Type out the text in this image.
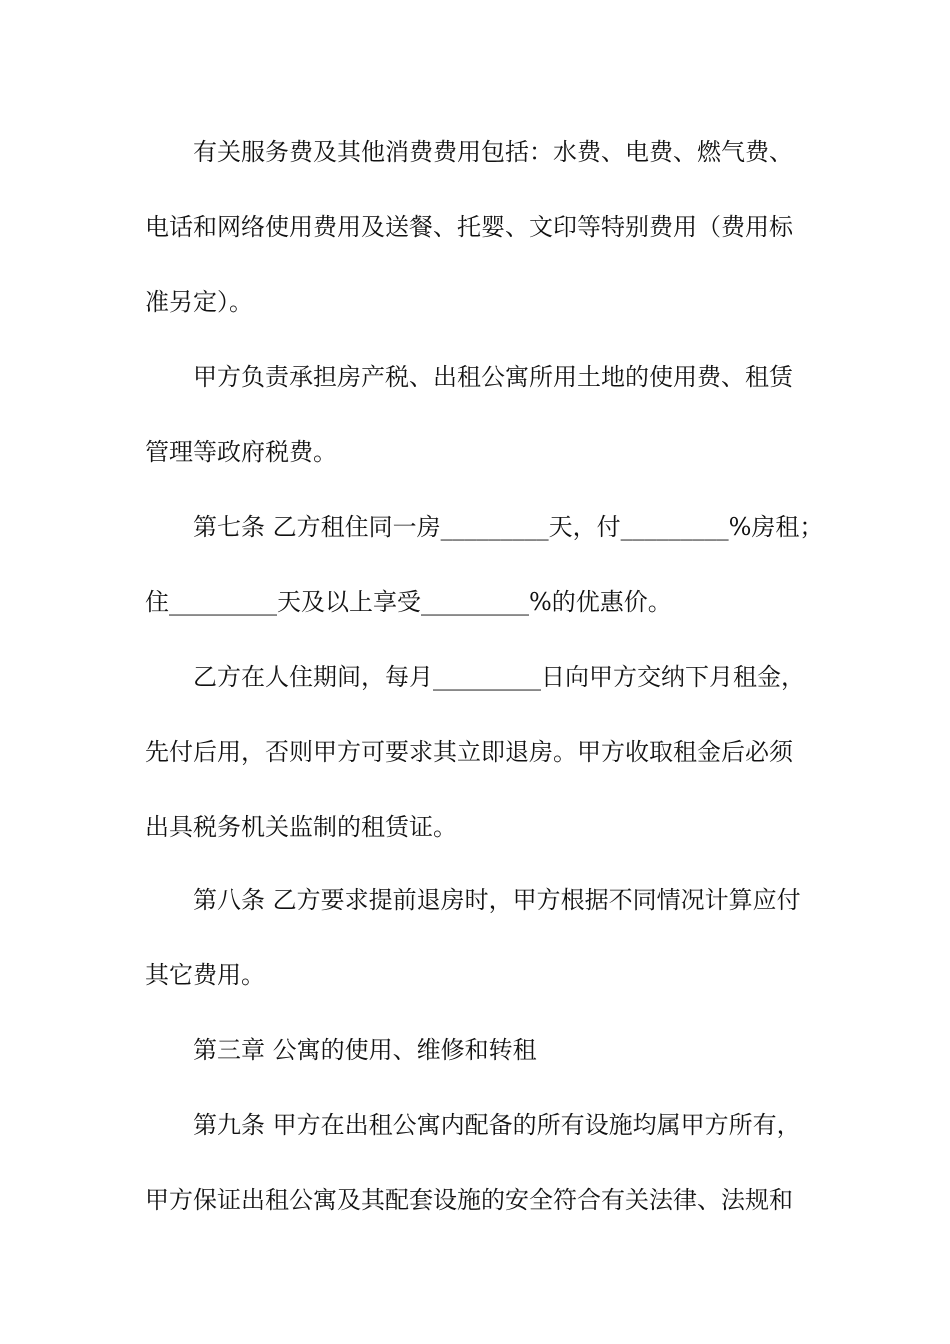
有关服务费及其他消费费用包括：水费、电费、燃气费、

电话和网络使用费用及送餐、托婴、文印等特别费用（费用标

准另定）。

甲方负责承担房产税、出租公寓所用土地的使用费、租赁

管理等政府税费。

第七条 乙方租住同一房_________天，付_________%房租；

住_________天及以上享受_________%的优惠价。

乙方在人住期间，每月_________日向甲方交纳下月租金，

先付后用，否则甲方可要求其立即退房。甲方收取租金后必须

出具税务机关监制的租赁证。

第八条 乙方要求提前退房时，甲方根据不同情况计算应付

其它费用。

第三章 公寓的使用、维修和转租

第九条 甲方在出租公寓内配备的所有设施均属甲方所有，

甲方保证出租公寓及其配套设施的安全符合有关法律、法规和
